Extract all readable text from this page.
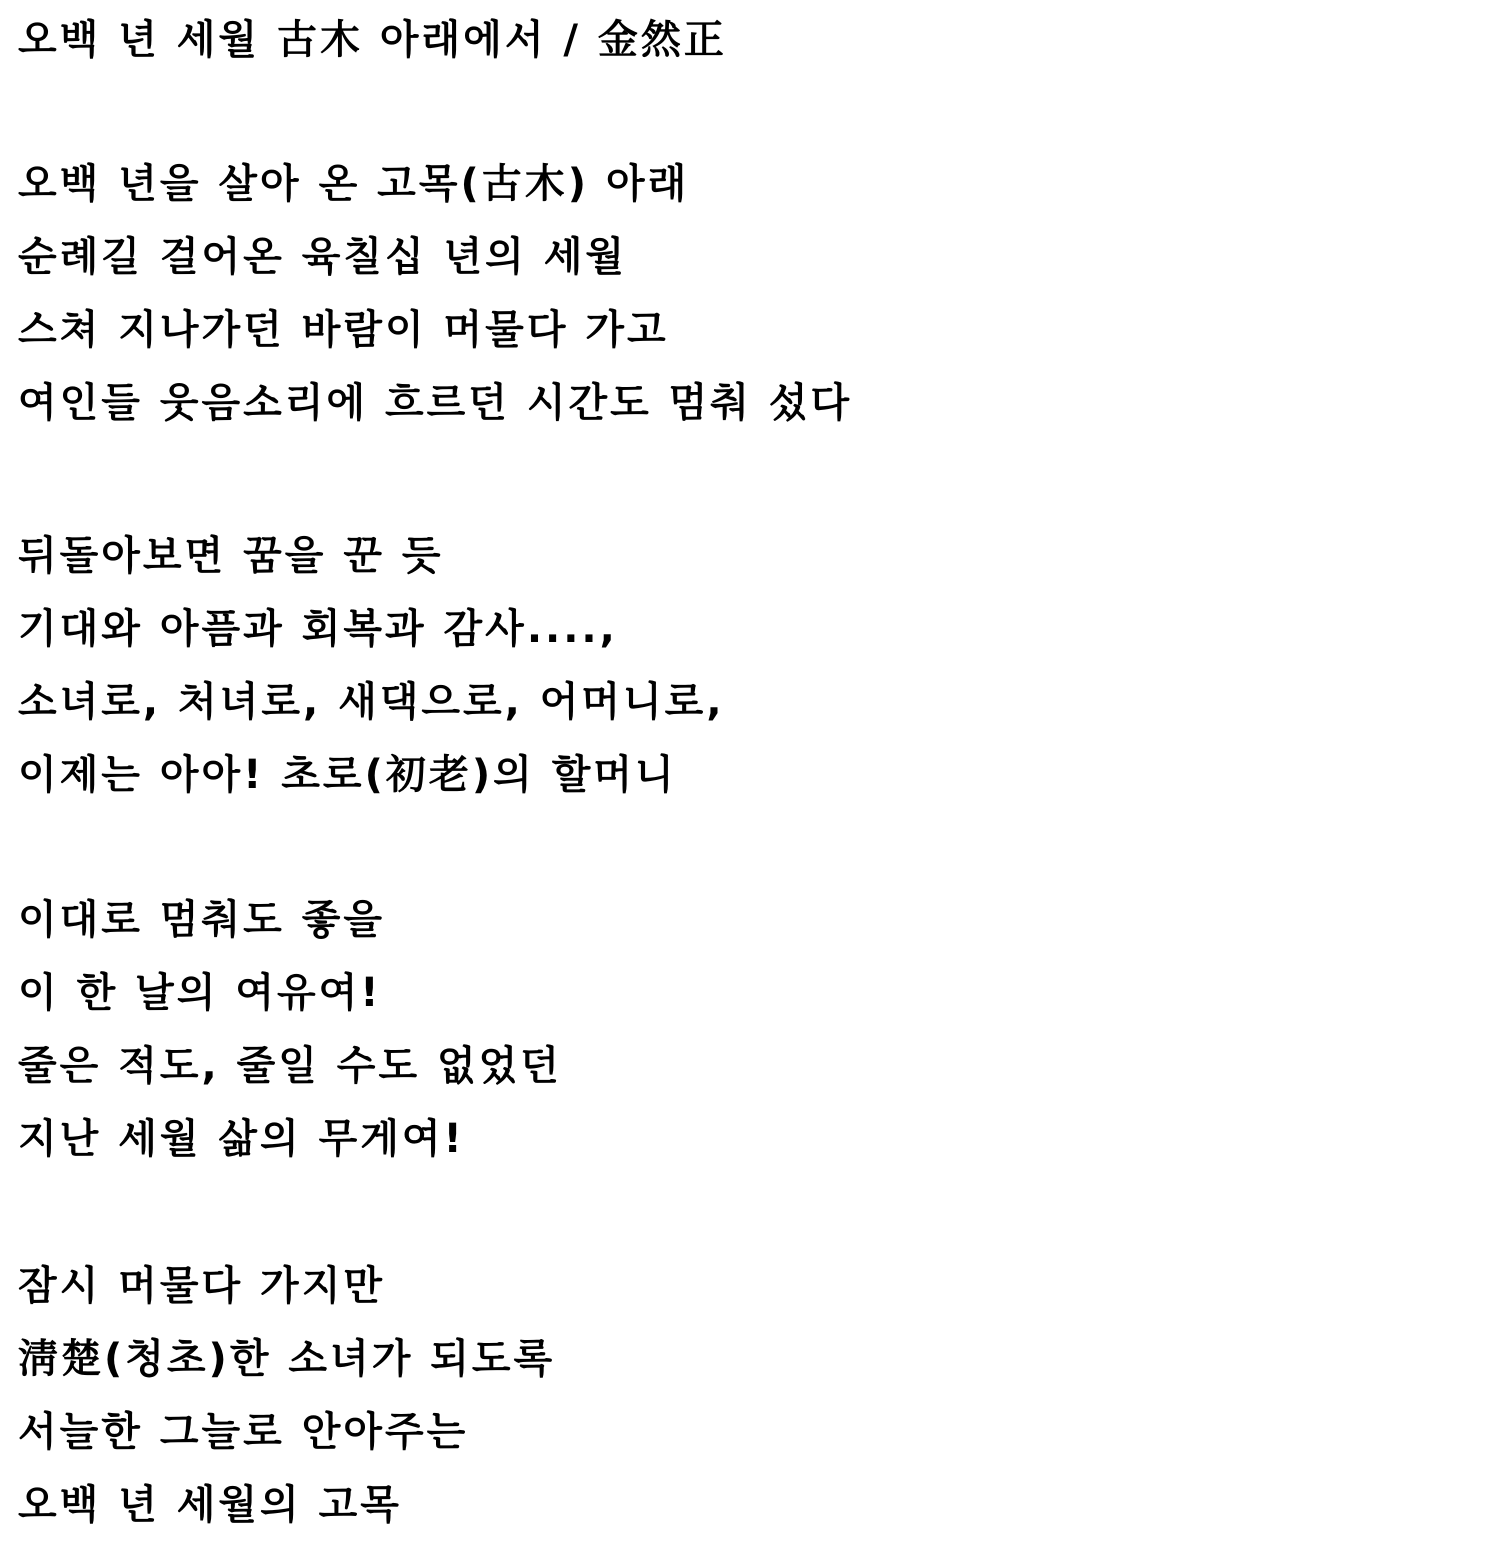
오백 년 세월 古木 아래에서 / 金然正
오백 년을 살아 온 고목(古木) 아래
순례길 걸어온 육칠십 년의 세월
스쳐 지나가던 바람이 머물다 가고
여인들 웃음소리에 흐르던 시간도 멈춰 섰다
뒤돌아보면 꿈을 꾼 듯
기대와 아픔과 회복과 감사....,
소녀로, 처녀로, 새댁으로, 어머니로,
이제는 아아! 초로(初老)의 할머니
이대로 멈춰도 좋을
이 한 날의 여유여!
줄은 적도, 줄일 수도 없었던
지난 세월 삶의 무게여!
잠시 머물다 가지만
淸楚(청초)한 소녀가 되도록
서늘한 그늘로 안아주는
오백 년 세월의 고목
